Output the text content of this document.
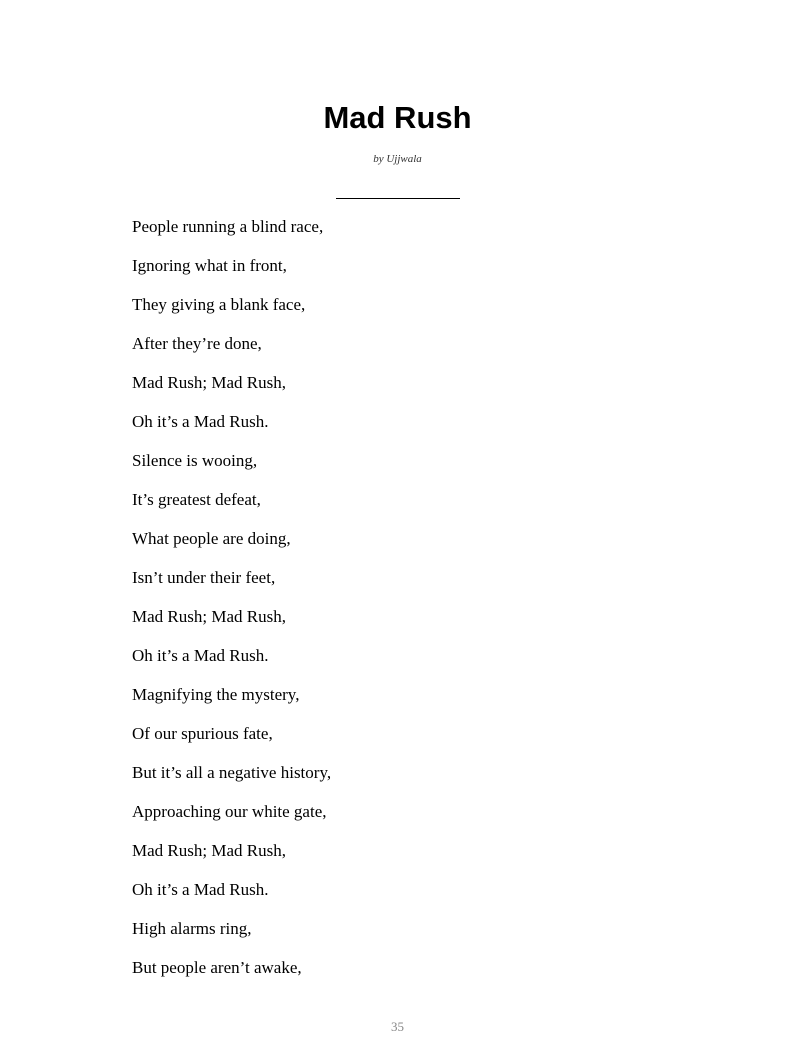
Mad Rush
by Ujjwala
People running a blind race,
Ignoring what in front,
They giving a blank face,
After they’re done,
Mad Rush; Mad Rush,
Oh it’s a Mad Rush.
Silence is wooing,
It’s greatest defeat,
What people are doing,
Isn’t under their feet,
Mad Rush; Mad Rush,
Oh it’s a Mad Rush.
Magnifying the mystery,
Of our spurious fate,
But it’s all a negative history,
Approaching our white gate,
Mad Rush; Mad Rush,
Oh it’s a Mad Rush.
High alarms ring,
But people aren’t awake,
35
